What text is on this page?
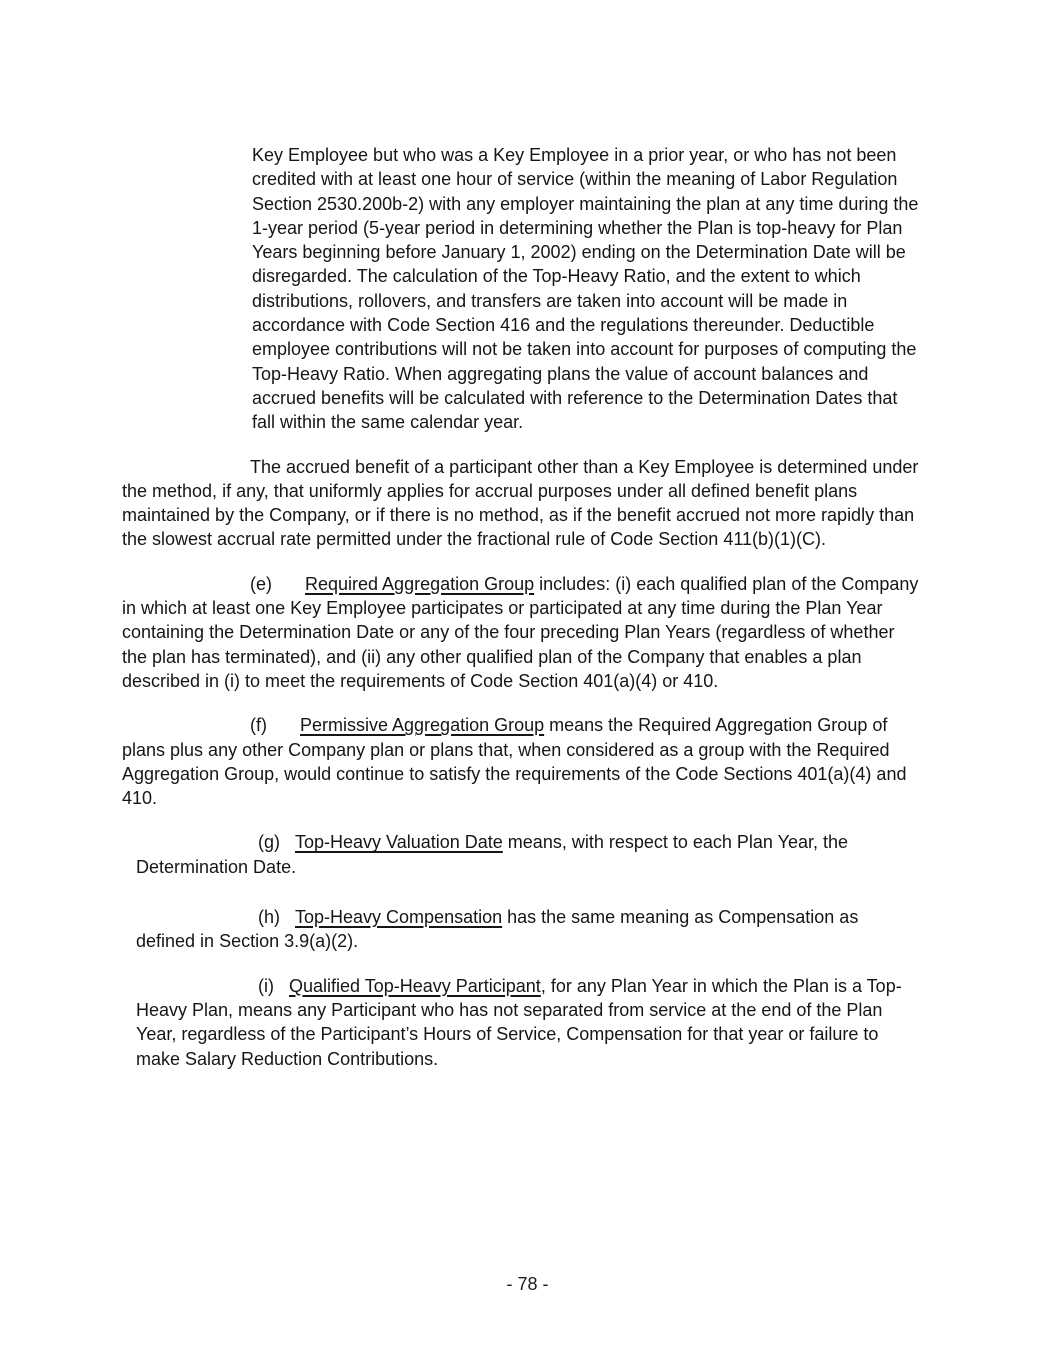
Key Employee but who was a Key Employee in a prior year, or who has not been credited with at least one hour of service (within the meaning of Labor Regulation Section 2530.200b-2) with any employer maintaining the plan at any time during the 1-year period (5-year period in determining whether the Plan is top-heavy for Plan Years beginning before January 1, 2002) ending on the Determination Date will be disregarded. The calculation of the Top-Heavy Ratio, and the extent to which distributions, rollovers, and transfers are taken into account will be made in accordance with Code Section 416 and the regulations thereunder. Deductible employee contributions will not be taken into account for purposes of computing the Top-Heavy Ratio. When aggregating plans the value of account balances and accrued benefits will be calculated with reference to the Determination Dates that fall within the same calendar year.

The accrued benefit of a participant other than a Key Employee is determined under the method, if any, that uniformly applies for accrual purposes under all defined benefit plans maintained by the Company, or if there is no method, as if the benefit accrued not more rapidly than the slowest accrual rate permitted under the fractional rule of Code Section 411(b)(1)(C).

(e) Required Aggregation Group includes: (i) each qualified plan of the Company in which at least one Key Employee participates or participated at any time during the Plan Year containing the Determination Date or any of the four preceding Plan Years (regardless of whether the plan has terminated), and (ii) any other qualified plan of the Company that enables a plan described in (i) to meet the requirements of Code Section 401(a)(4) or 410.

(f) Permissive Aggregation Group means the Required Aggregation Group of plans plus any other Company plan or plans that, when considered as a group with the Required Aggregation Group, would continue to satisfy the requirements of the Code Sections 401(a)(4) and 410.

(g) Top-Heavy Valuation Date means, with respect to each Plan Year, the Determination Date.

(h) Top-Heavy Compensation has the same meaning as Compensation as defined in Section 3.9(a)(2).

(i) Qualified Top-Heavy Participant, for any Plan Year in which the Plan is a Top-Heavy Plan, means any Participant who has not separated from service at the end of the Plan Year, regardless of the Participant’s Hours of Service, Compensation for that year or failure to make Salary Reduction Contributions.

- 78 -
